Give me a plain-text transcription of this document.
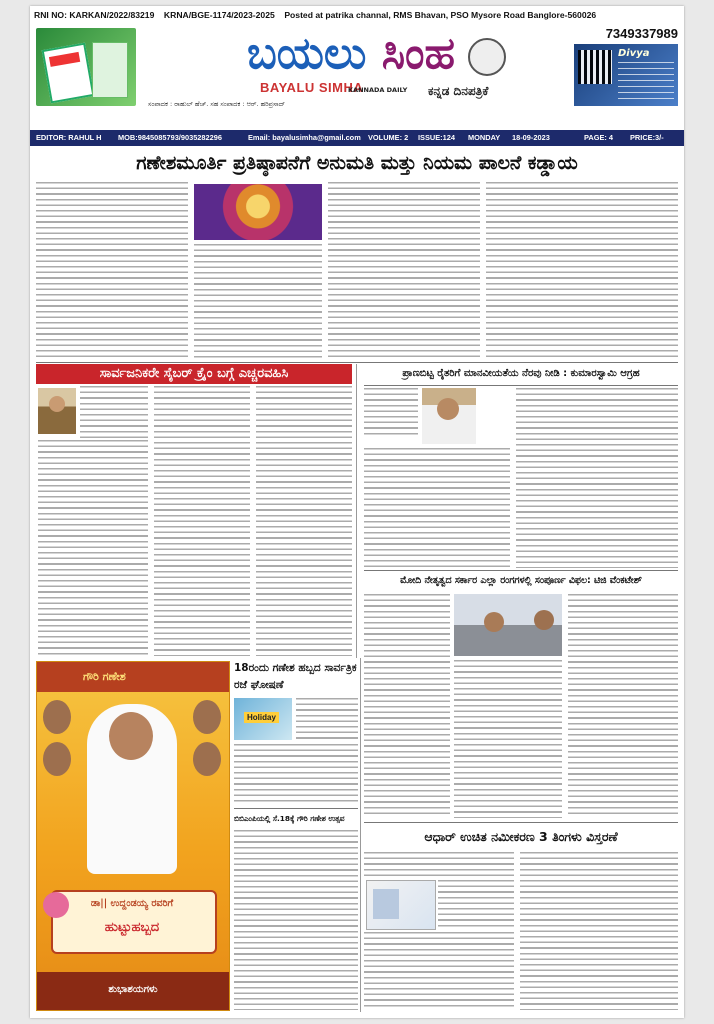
RNI NO: KARKAN/2022/83219 KRNA/BGE-1174/2023-2025 Posted at patrika channal, RMS Bhavan, PSO Mysore Road Banglore-560026
ಬಯಲು ಸಿಂಹ
BAYALU SIMHA
KANNADA DAILY ಕನ್ನಡ ದಿನಪತ್ರಿಕೆ
ಸಂಪಾದಕ : ರಾಹುಲ್ ಹೆಚ್. ಸಹ ಸಂಪಾದಕ : ಆರ್. ಹರಿಪ್ರಸಾದ್
7349337989
Divya
EDITOR: RAHUL H MOB:9845085793/9035282296	Email: bayalusimha@gmail.com VOLUME: 2 ISSUE:124 MONDAY 18-09-2023	PAGE: 4 PRICE:3/-
ಗಣೇಶಮೂರ್ತಿ ಪ್ರತಿಷ್ಠಾಪನೆಗೆ ಅನುಮತಿ ಮತ್ತು ನಿಯಮ ಪಾಲನೆ ಕಡ್ಡಾಯ
ಸಾರ್ವಜನಿಕರೇ ಸೈಬರ್ ಕ್ರೈಂ ಬಗ್ಗೆ ಎಚ್ಚರವಹಿಸಿ	ಪ್ರಾಣಬಿಟ್ಟ ರೈತರಿಗೆ ಮಾನವೀಯತೆಯ ನೆರವು ನೀಡಿ : ಕುಮಾರಸ್ವಾಮಿ ಆಗ್ರಹ
ಮೋದಿ ನೇತೃತ್ವದ ಸರ್ಕಾರ ಎಲ್ಲಾ ರಂಗಗಳಲ್ಲಿ ಸಂಪೂರ್ಣ ವಿಫಲ: ಟಿಜಿ ವೆಂಕಟೇಶ್
ಆಧಾರ್ ಉಚಿತ ನಮೀಕರಣ 3 ತಿಂಗಳು ವಿಸ್ತರಣೆ
ಗೌರಿ ಗಣೇಶ
ಡಾ|| ಉದ್ದಂಡಯ್ಯ ರವರಿಗೆ
ಹುಟ್ಟುಹಬ್ಬದ
ಶುಭಾಶಯಗಳು
18ರಂದು ಗಣೇಶ ಹಬ್ಬದ ಸಾರ್ವತ್ರಿಕ ರಜೆ ಘೋಷಣೆ
Holiday
ಬಿಬಿಎಂಪಿಯಲ್ಲಿ ಸೆ.18ಕ್ಕೆ ಗೌರಿ ಗಣೇಶ ಉತ್ಸವ
